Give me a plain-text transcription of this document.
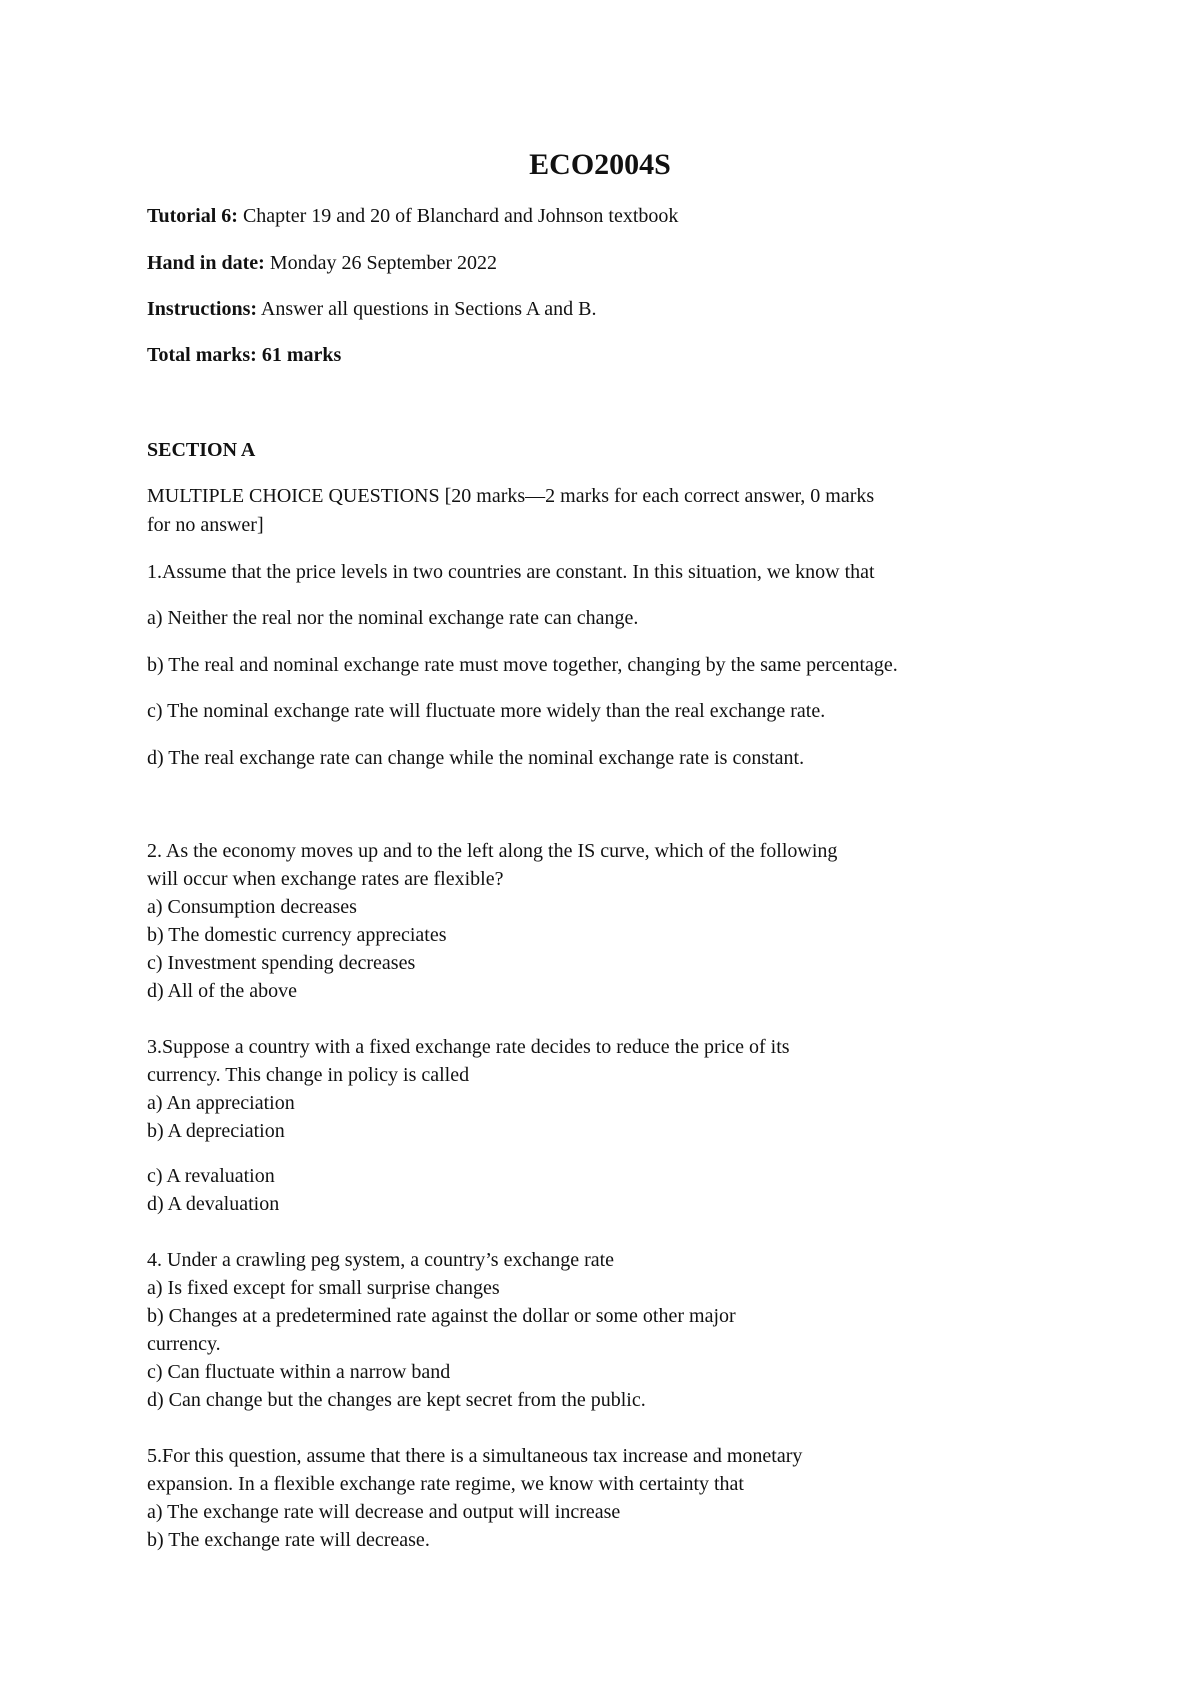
ECO2004S
Tutorial 6: Chapter 19 and 20 of Blanchard and Johnson textbook
Hand in date: Monday 26 September 2022
Instructions: Answer all questions in Sections A and B.
Total marks: 61 marks
SECTION A
MULTIPLE CHOICE QUESTIONS [20 marks—2 marks for each correct answer, 0 marks
for no answer]
1.Assume that the price levels in two countries are constant. In this situation, we know that
a) Neither the real nor the nominal exchange rate can change.
b) The real and nominal exchange rate must move together, changing by the same percentage.
c) The nominal exchange rate will fluctuate more widely than the real exchange rate.
d) The real exchange rate can change while the nominal exchange rate is constant.
2. As the economy moves up and to the left along the IS curve, which of the following
will occur when exchange rates are flexible?
a) Consumption decreases
b) The domestic currency appreciates
c) Investment spending decreases
d) All of the above
3.Suppose a country with a fixed exchange rate decides to reduce the price of its
currency. This change in policy is called
a) An appreciation
b) A depreciation
c) A revaluation
d) A devaluation
4. Under a crawling peg system, a country’s exchange rate
a) Is fixed except for small surprise changes
b) Changes at a predetermined rate against the dollar or some other major
currency.
c) Can fluctuate within a narrow band
d) Can change but the changes are kept secret from the public.
5.For this question, assume that there is a simultaneous tax increase and monetary
expansion. In a flexible exchange rate regime, we know with certainty that
a) The exchange rate will decrease and output will increase
b) The exchange rate will decrease.
